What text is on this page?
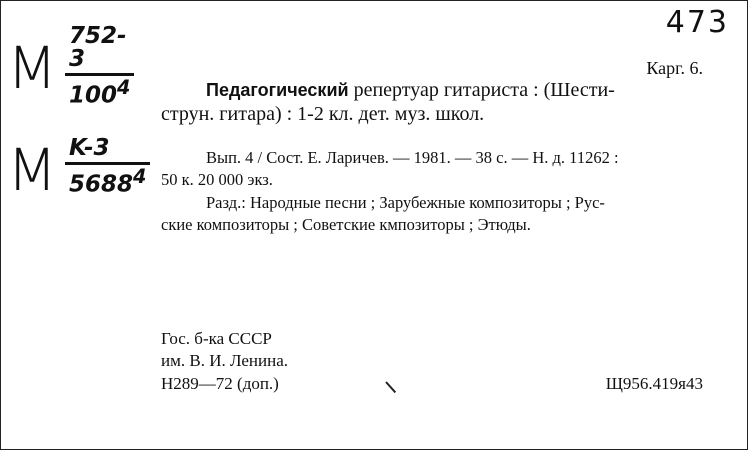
473
M $\frac{752-3}{100^4}$
M $\frac{K-3}{5688^4}$
Карг. 6.
Педагогический репертуар гитариста : (Шести-
струн. гитара) : 1-2 кл. дет. муз. школ.
Вып. 4 / Сост. Е. Ларичев. — 1981. — 38 с. — Н. д. 11262 :
50 к. 20 000 экз.
Разд.: Народные песни ; Зарубежные композиторы ; Рус-
ские композиторы ; Советские кмпозиторы ; Этюды.
Гос. б-ка СССР
им. В. И. Ленина.
Н289—72 (доп.)	Щ956.419я43
